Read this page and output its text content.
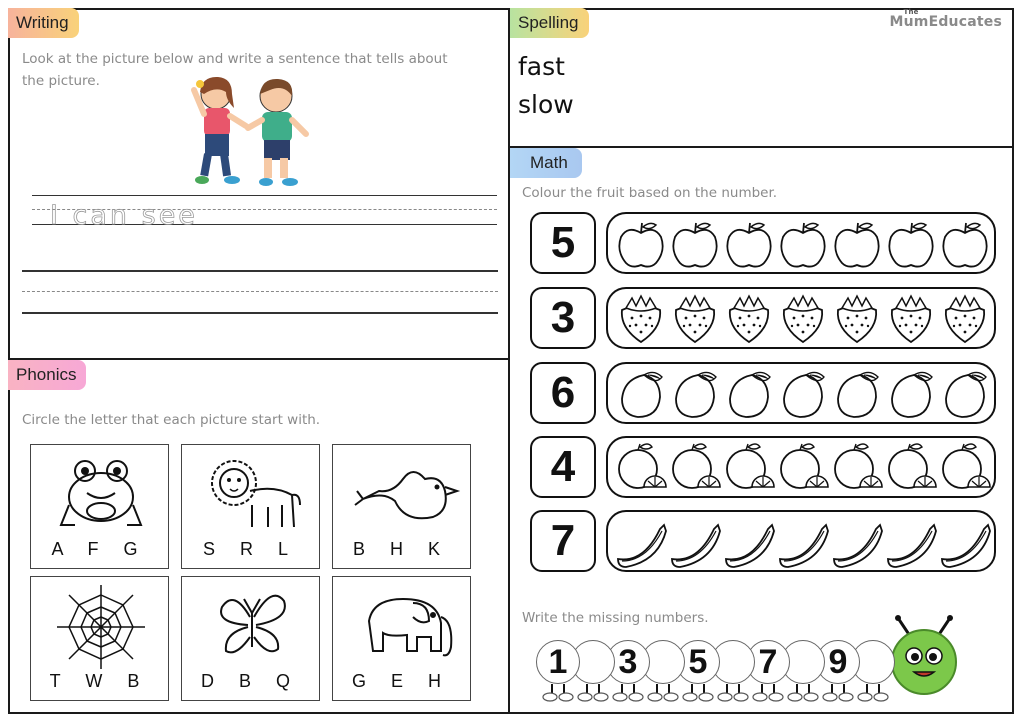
Writing
Look at the picture below and write a sentence that tells about the picture.
I can see
Phonics
Circle the letter that each picture start with.
A F G	S R L	B H K
T W B	D B Q	G E H
Spelling
The
MumEducates
fast
slow
Math
Colour the fruit based on the number.
5
3
6
4
7
Write the missing numbers.
1	3	5	7	9
